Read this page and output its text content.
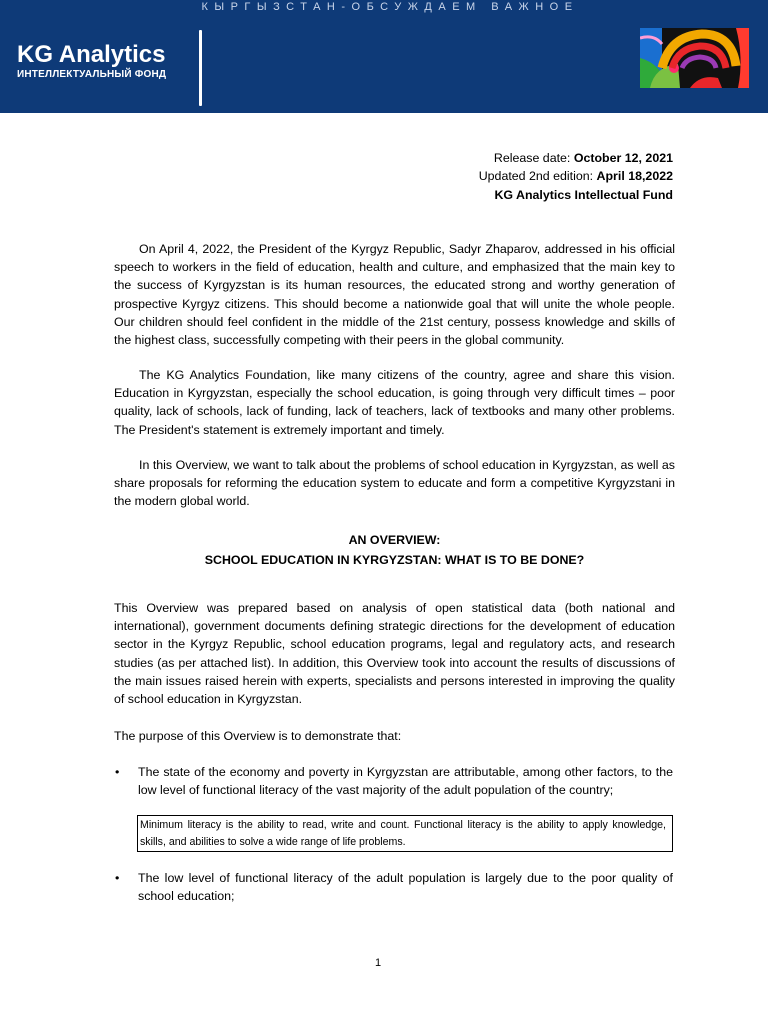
КЫРГЫЗСТАН-ОБСУЖДАЕМ ВАЖНОЕ
KG Analytics
ИНТЕЛЛЕКТУАЛЬНЫЙ ФОНД
Release date: October 12, 2021
Updated 2nd edition: April 18,2022
KG Analytics Intellectual Fund

On April 4, 2022, the President of the Kyrgyz Republic, Sadyr Zhaparov, addressed in his official speech to workers in the field of education, health and culture, and emphasized that the main key to the success of Kyrgyzstan is its human resources, the educated strong and worthy generation of prospective Kyrgyz citizens. This should become a nationwide goal that will unite the whole people. Our children should feel confident in the middle of the 21st century, possess knowledge and skills of the highest class, successfully competing with their peers in the global community.

The KG Analytics Foundation, like many citizens of the country, agree and share this vision. Education in Kyrgyzstan, especially the school education, is going through very difficult times – poor quality, lack of schools, lack of funding, lack of teachers, lack of textbooks and many other problems. The President's statement is extremely important and timely.

In this Overview, we want to talk about the problems of school education in Kyrgyzstan, as well as share proposals for reforming the education system to educate and form a competitive Kyrgyzstani in the modern global world.

AN OVERVIEW:
SCHOOL EDUCATION IN KYRGYZSTAN: WHAT IS TO BE DONE?

This Overview was prepared based on analysis of open statistical data (both national and international), government documents defining strategic directions for the development of education sector in the Kyrgyz Republic, school education programs, legal and regulatory acts, and research studies (as per attached list). In addition, this Overview took into account the results of discussions of the main issues raised herein with experts, specialists and persons interested in improving the quality of school education in Kyrgyzstan.

The purpose of this Overview is to demonstrate that:

• The state of the economy and poverty in Kyrgyzstan are attributable, among other factors, to the low level of functional literacy of the vast majority of the adult population of the country;
Minimum literacy is the ability to read, write and count. Functional literacy is the ability to apply knowledge, skills, and abilities to solve a wide range of life problems.
• The low level of functional literacy of the adult population is largely due to the poor quality of school education;
1
